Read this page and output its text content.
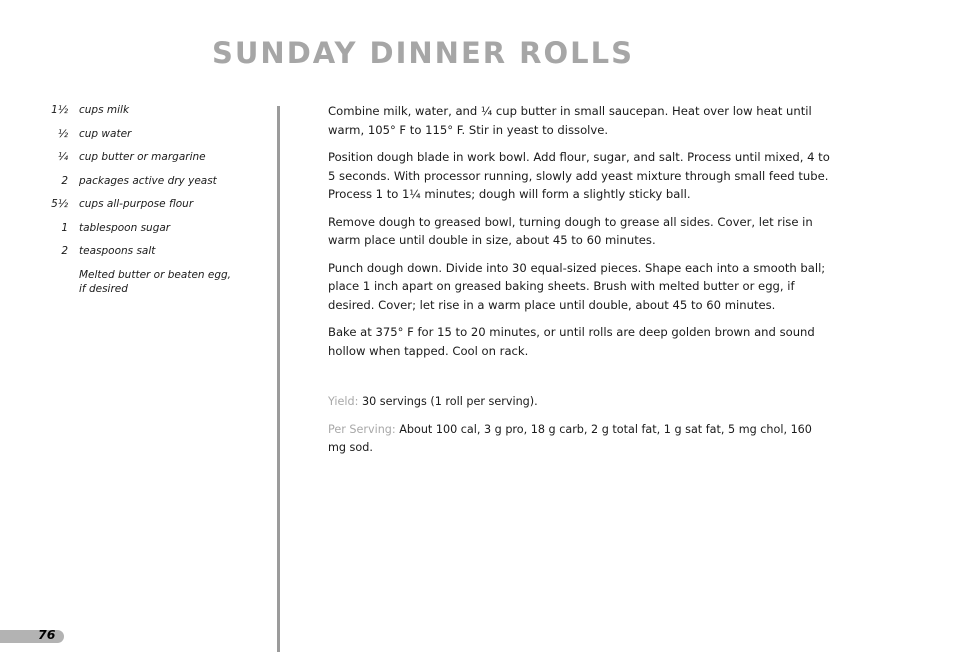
SUNDAY DINNER ROLLS
1½ cups milk
½ cup water
¼ cup butter or margarine
2 packages active dry yeast
5½ cups all-purpose flour
1 tablespoon sugar
2 teaspoons salt
Melted butter or beaten egg, if desired

Combine milk, water, and ¼ cup butter in small saucepan. Heat over low heat until warm, 105° F to 115° F. Stir in yeast to dissolve.

Position dough blade in work bowl. Add flour, sugar, and salt. Process until mixed, 4 to 5 seconds. With processor running, slowly add yeast mixture through small feed tube. Process 1 to 1¼ minutes; dough will form a slightly sticky ball.

Remove dough to greased bowl, turning dough to grease all sides. Cover, let rise in warm place until double in size, about 45 to 60 minutes.

Punch dough down. Divide into 30 equal-sized pieces. Shape each into a smooth ball; place 1 inch apart on greased baking sheets. Brush with melted butter or egg, if desired. Cover; let rise in a warm place until double, about 45 to 60 minutes.

Bake at 375° F for 15 to 20 minutes, or until rolls are deep golden brown and sound hollow when tapped. Cool on rack.

Yield: 30 servings (1 roll per serving).

Per Serving: About 100 cal, 3 g pro, 18 g carb, 2 g total fat, 1 g sat fat, 5 mg chol, 160 mg sod.

76
